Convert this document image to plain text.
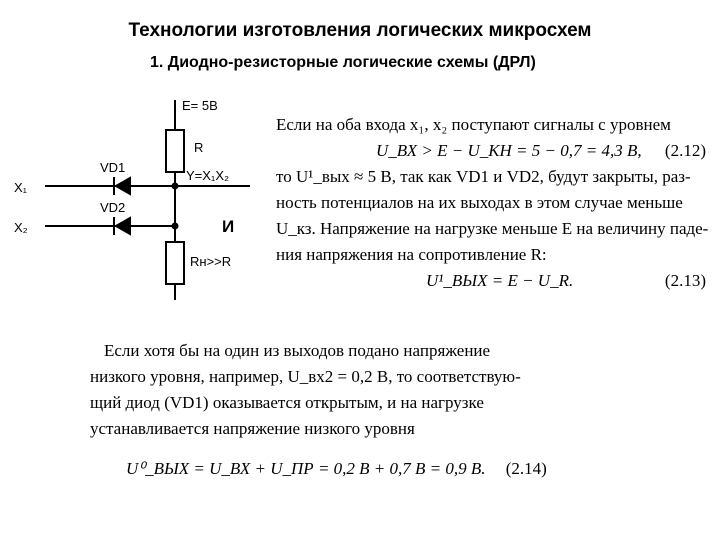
Технологии изготовления логических микросхем
1. Диодно-резисторные логические схемы (ДРЛ)
E= 5B
R
VD1
VD2
X₁
X₂
Y=X₁X₂
Rн>>R
И
Если на оба входа x₁, x₂ поступают сигналы с уровнем
U_ВХ > E − U_КН = 5 − 0,7 = 4,3 В, (2.12)
то U¹_вых ≈ 5 В, так как VD1 и VD2, будут закрыты, раз-
ность потенциалов на их выходах в этом случае меньше
U_кз. Напряжение на нагрузке меньше E на величину паде-
ния напряжения на сопротивление R:
U¹_ВЫХ = E − U_R.	(2.13)
Если хотя бы на один из выходов подано напряжение
низкого уровня, например, U_вх2 = 0,2 В, то соответствую-
щий диод (VD1) оказывается открытым, и на нагрузке
устанавливается напряжение низкого уровня
U⁰_ВЫХ = U_ВХ + U_ПР = 0,2 В + 0,7 В = 0,9 В. (2.14)
